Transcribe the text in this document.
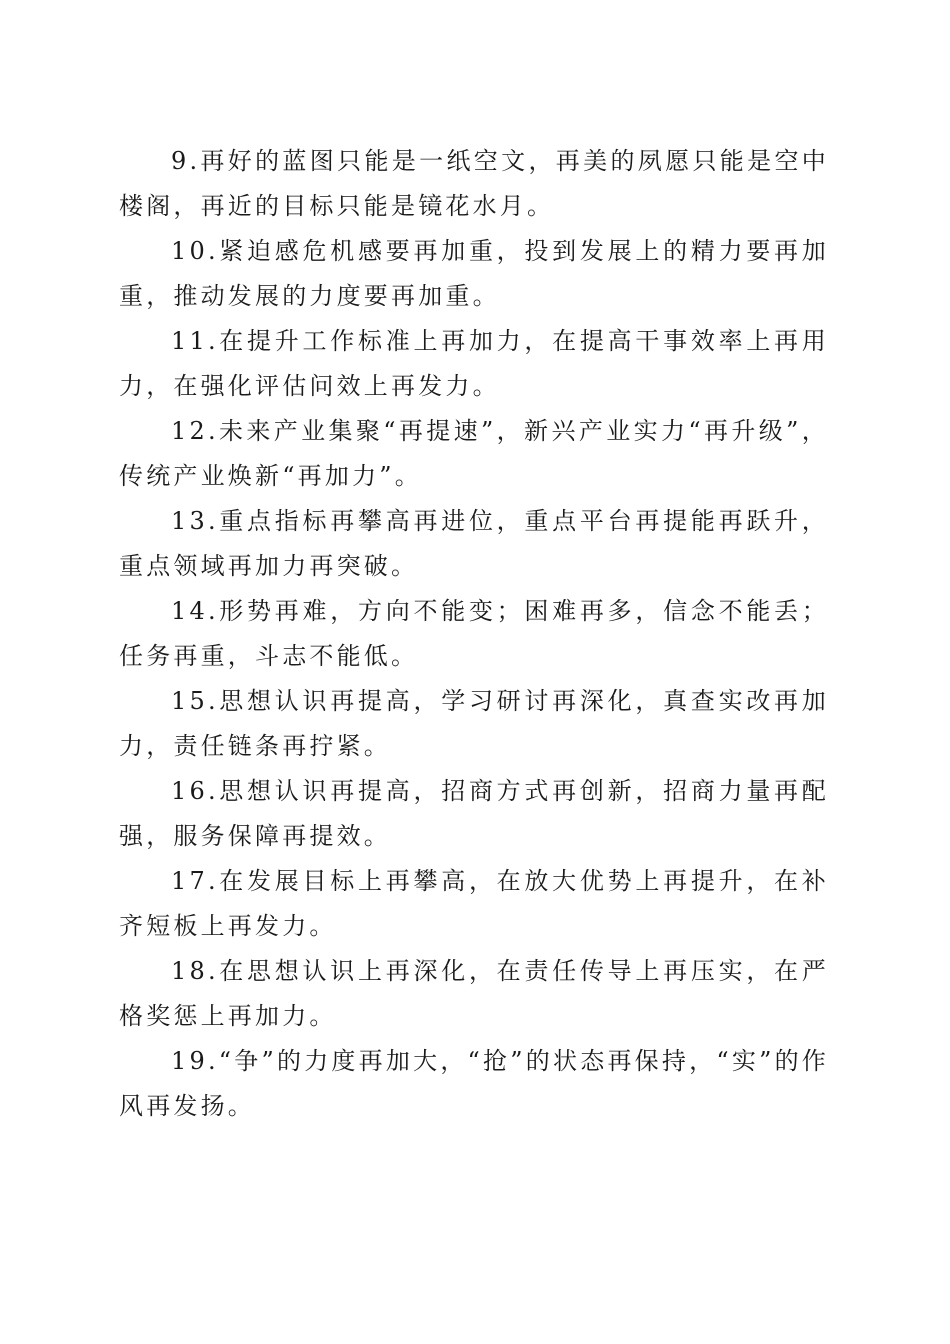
9.再好的蓝图只能是一纸空文，再美的夙愿只能是空中楼阁，再近的目标只能是镜花水月。

10.紧迫感危机感要再加重，投到发展上的精力要再加重，推动发展的力度要再加重。

11.在提升工作标准上再加力，在提高干事效率上再用力，在强化评估问效上再发力。

12.未来产业集聚“再提速”，新兴产业实力“再升级”，传统产业焕新“再加力”。

13.重点指标再攀高再进位，重点平台再提能再跃升，重点领域再加力再突破。

14.形势再难，方向不能变；困难再多，信念不能丢；任务再重，斗志不能低。

15.思想认识再提高，学习研讨再深化，真查实改再加力，责任链条再拧紧。

16.思想认识再提高，招商方式再创新，招商力量再配强，服务保障再提效。

17.在发展目标上再攀高，在放大优势上再提升，在补齐短板上再发力。

18.在思想认识上再深化，在责任传导上再压实，在严格奖惩上再加力。

19.“争”的力度再加大，“抢”的状态再保持，“实”的作风再发扬。
